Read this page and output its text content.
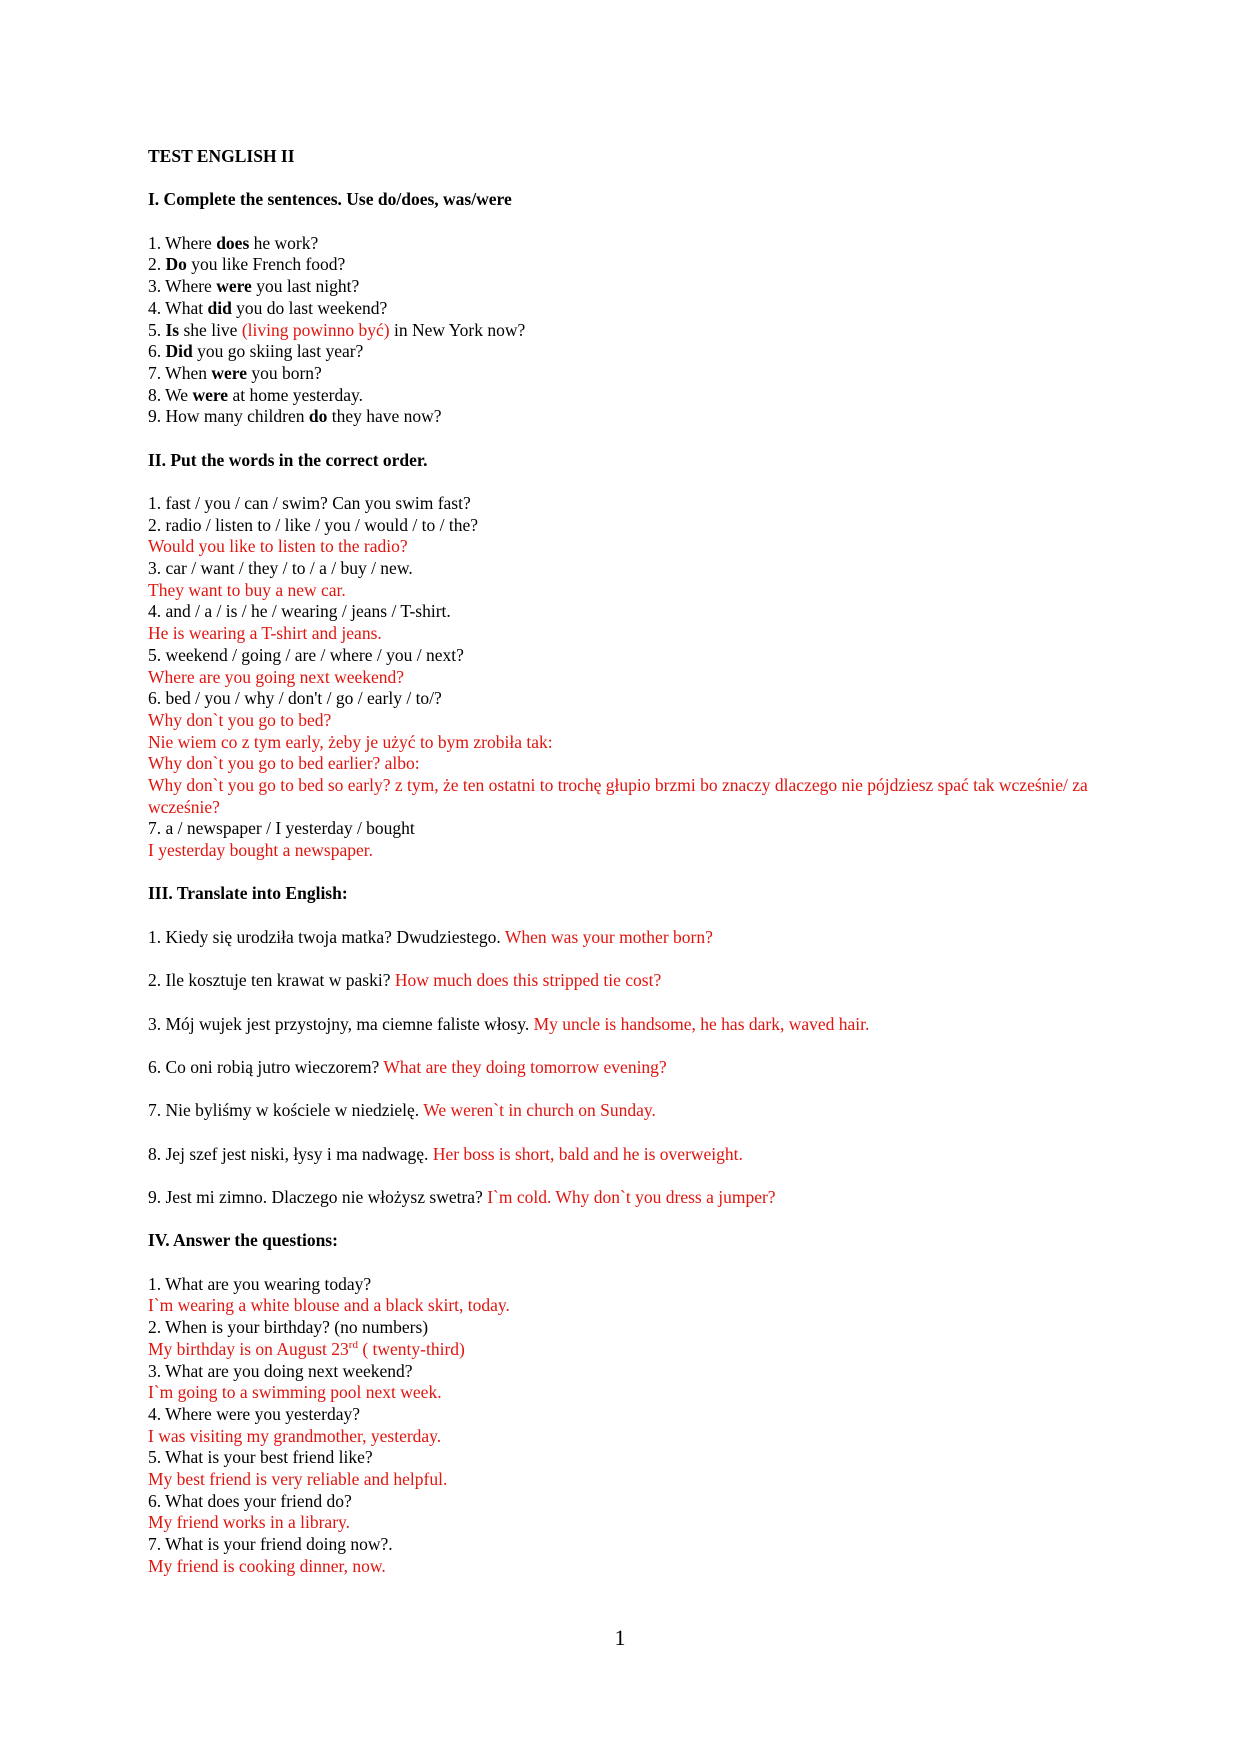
TEST ENGLISH II
I. Complete the sentences. Use do/does, was/were
1. Where does he work?
2. Do you like French food?
3. Where were you last night?
4. What did you do last weekend?
5. Is she live (living powinno być) in New York now?
6. Did you go skiing last year?
7. When were you born?
8. We were at home yesterday.
9. How many children do they have now?
II. Put the words in the correct order.
1. fast / you / can / swim? Can you swim fast?
2. radio / listen to / like / you / would / to / the?
Would you like to listen to the radio?
3. car / want / they / to / a / buy / new.
They want to buy a new car.
4. and / a / is / he / wearing / jeans / T-shirt.
He is wearing a T-shirt and jeans.
5. weekend / going / are / where / you / next?
Where are you going next weekend?
6. bed / you / why / don't / go / early / to/?
Why don`t you go to bed?
Nie wiem co z tym early, żeby je użyć to bym zrobiła tak:
Why don`t you go to bed earlier? albo:
Why don`t you go to bed so early? z tym, że ten ostatni to trochę głupio brzmi bo znaczy dlaczego nie pójdziesz spać tak wcześnie/ za wcześnie?
7. a / newspaper / I yesterday / bought
I yesterday bought a newspaper.
III. Translate into English:
1. Kiedy się urodziła twoja matka? Dwudziestego. When was your mother born?
2. Ile kosztuje ten krawat w paski? How much does this stripped tie cost?
3. Mój wujek jest przystojny, ma ciemne faliste włosy. My uncle is handsome, he has dark, waved hair.
6. Co oni robią jutro wieczorem? What are they doing tomorrow evening?
7. Nie byliśmy w kościele w niedzielę. We weren`t in church on Sunday.
8. Jej szef jest niski, łysy i ma nadwagę. Her boss is short, bald and he is overweight.
9. Jest mi zimno. Dlaczego nie włożysz swetra? I`m cold. Why don`t you dress a jumper?
IV. Answer the questions:
1. What are you wearing today?
I`m wearing a white blouse and a black skirt, today.
2. When is your birthday? (no numbers)
My birthday is on August 23rd ( twenty-third)
3. What are you doing next weekend?
I`m going to a swimming pool next week.
4. Where were you yesterday?
I was visiting my grandmother, yesterday.
5. What is your best friend like?
My best friend is very reliable and helpful.
6. What does your friend do?
My friend works in a library.
7. What is your friend doing now?.
My friend is cooking dinner, now.
1
